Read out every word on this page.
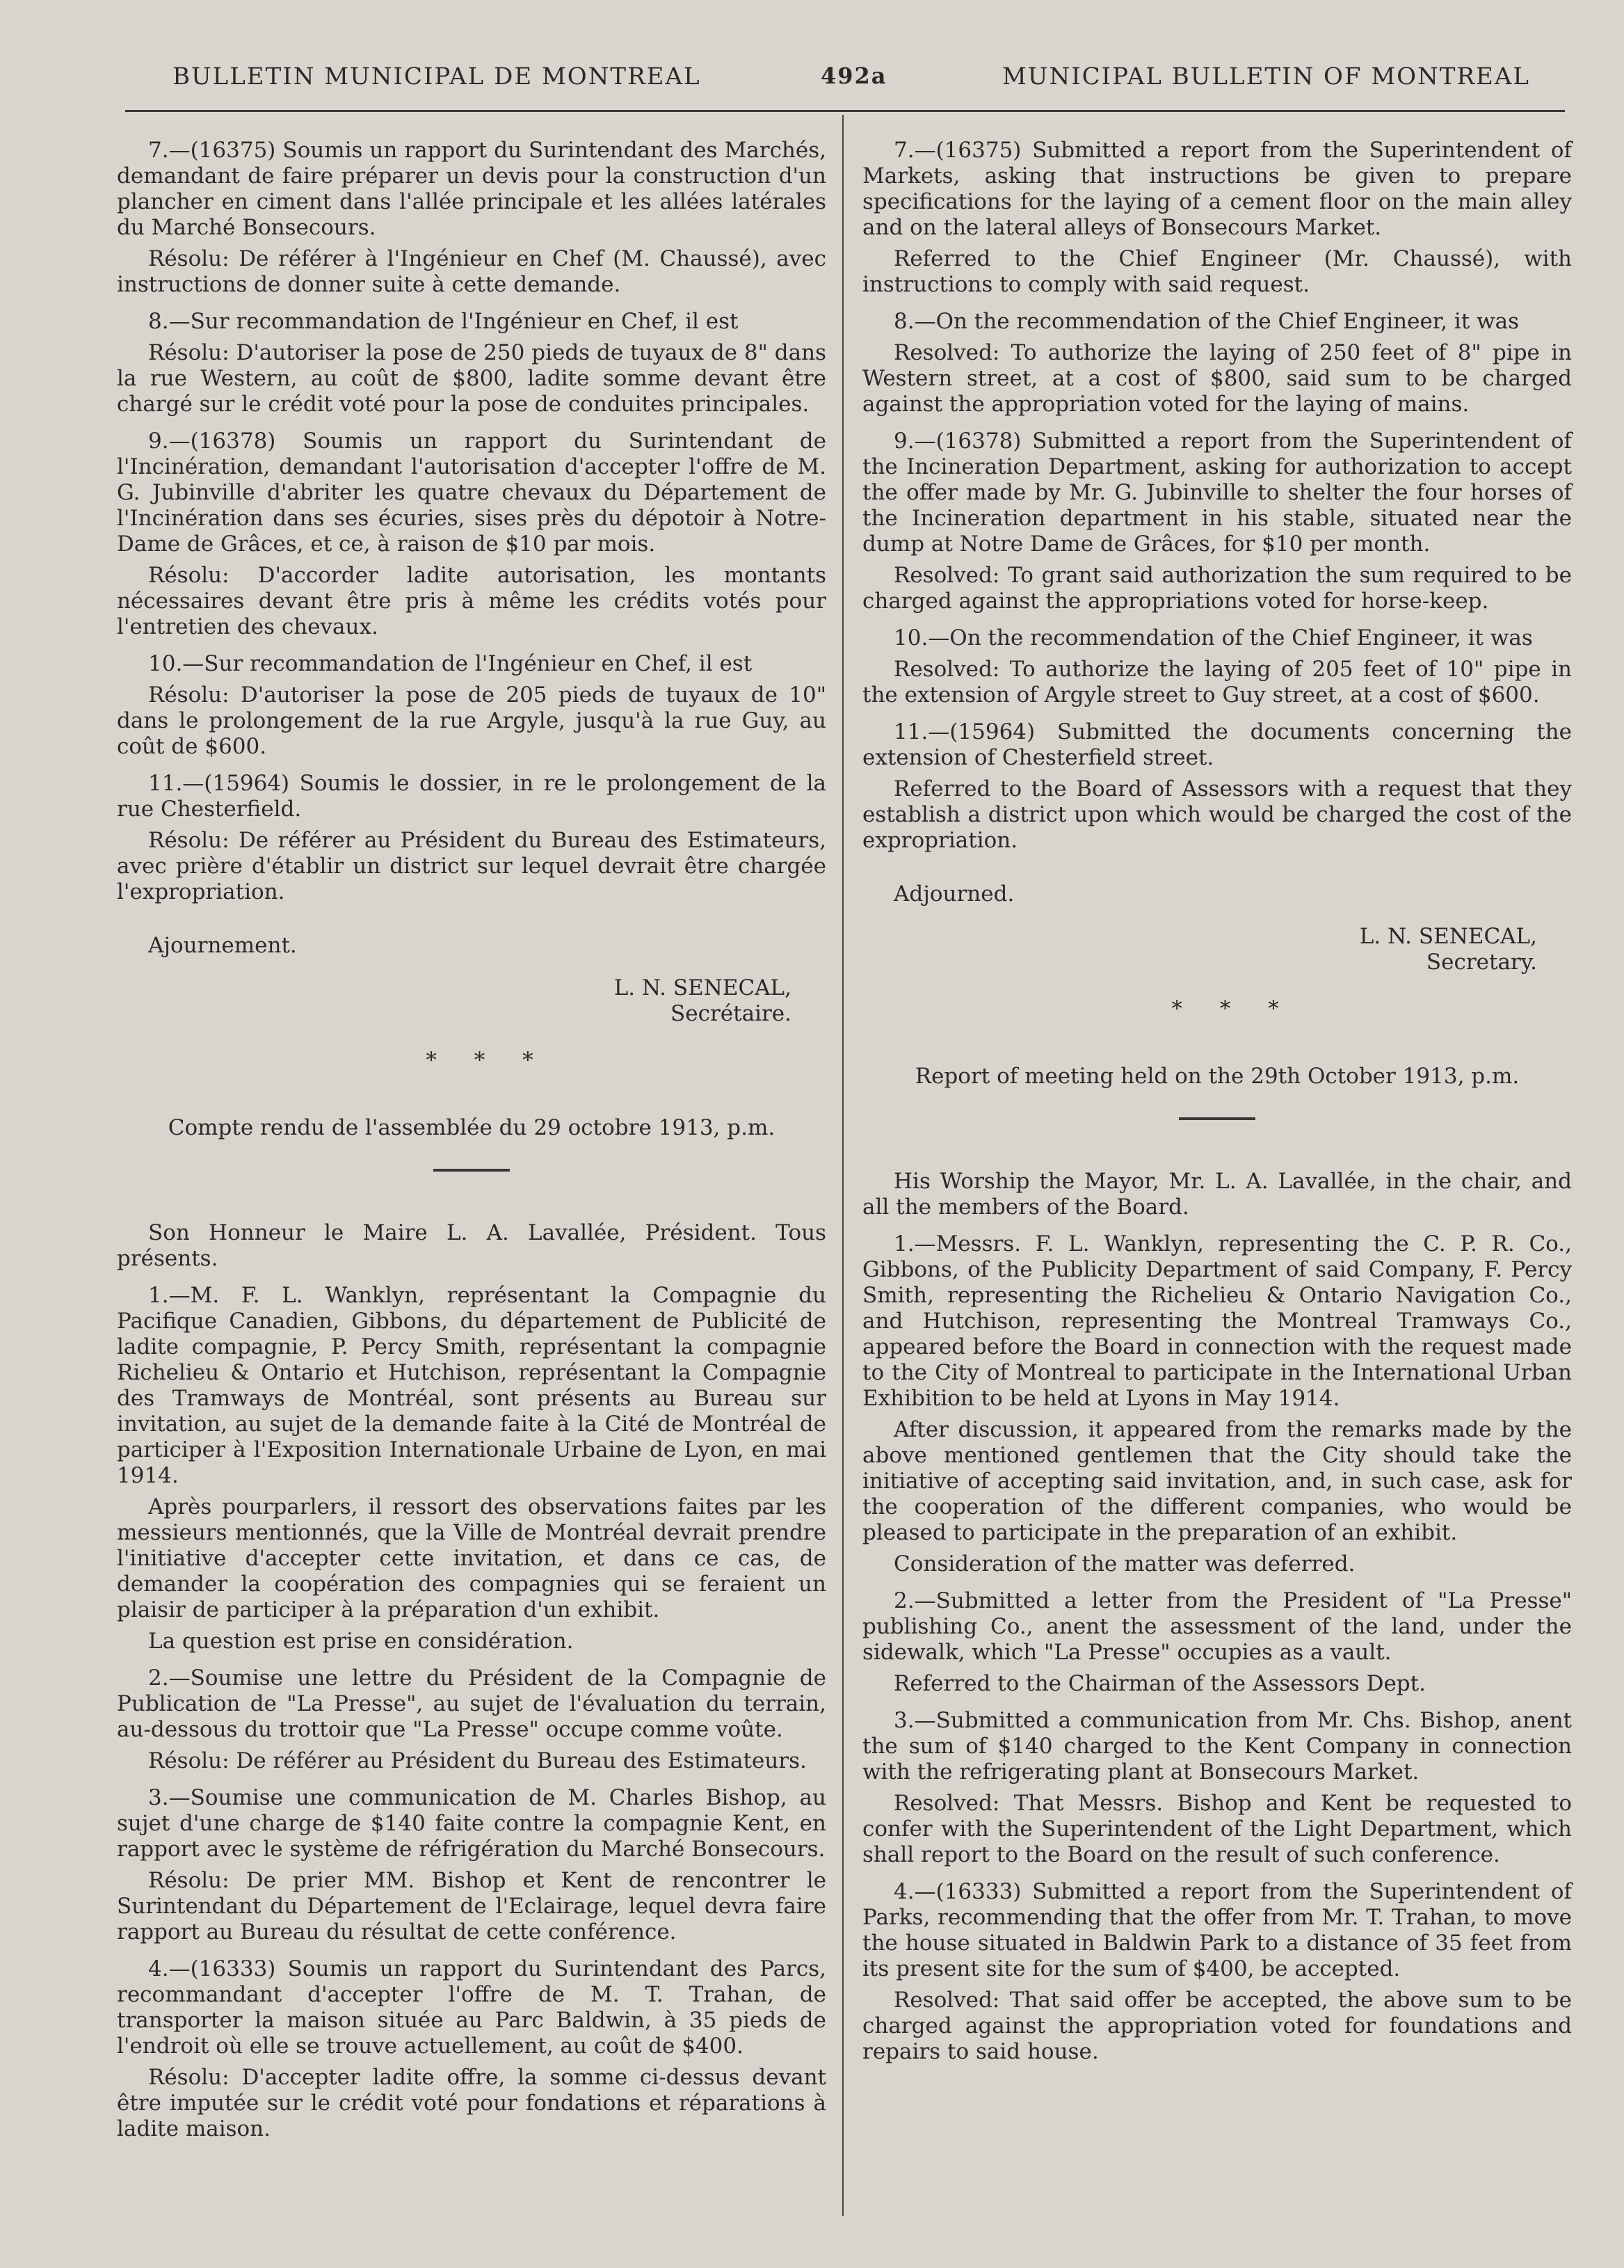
BULLETIN MUNICIPAL DE MONTREAL	492a	MUNICIPAL BULLETIN OF MONTREAL

7.—(16375) Soumis un rapport du Surintendant des Marchés, demandant de faire préparer un devis pour la construction d'un plancher en ciment dans l'allée principale et les allées latérales du Marché Bonsecours.

Résolu: De référer à l'Ingénieur en Chef (M. Chaussé), avec instructions de donner suite à cette demande.

8.—Sur recommandation de l'Ingénieur en Chef, il est

Résolu: D'autoriser la pose de 250 pieds de tuyaux de 8" dans la rue Western, au coût de $800, ladite somme devant être chargé sur le crédit voté pour la pose de conduites principales.

9.—(16378) Soumis un rapport du Surintendant de l'Incinération, demandant l'autorisation d'accepter l'offre de M. G. Jubinville d'abriter les quatre chevaux du Département de l'Incinération dans ses écuries, sises près du dépotoir à Notre-Dame de Grâces, et ce, à raison de $10 par mois.

Résolu: D'accorder ladite autorisation, les montants nécessaires devant être pris à même les crédits votés pour l'entretien des chevaux.

10.—Sur recommandation de l'Ingénieur en Chef, il est

Résolu: D'autoriser la pose de 205 pieds de tuyaux de 10" dans le prolongement de la rue Argyle, jusqu'à la rue Guy, au coût de $600.

11.—(15964) Soumis le dossier, in re le prolongement de la rue Chesterfield.

Résolu: De référer au Président du Bureau des Estimateurs, avec prière d'établir un district sur lequel devrait être chargée l'expropriation.

Ajournement.

L. N. SENECAL,

Secrétaire.

* * *

Compte rendu de l'assemblée du 29 octobre 1913, p.m.

Son Honneur le Maire L. A. Lavallée, Président. Tous présents.

1.—M. F. L. Wanklyn, représentant la Compagnie du Pacifique Canadien, Gibbons, du département de Publicité de ladite compagnie, P. Percy Smith, représentant la compagnie Richelieu & Ontario et Hutchison, représentant la Compagnie des Tramways de Montréal, sont présents au Bureau sur invitation, au sujet de la demande faite à la Cité de Montréal de participer à l'Exposition Internationale Urbaine de Lyon, en mai 1914.

Après pourparlers, il ressort des observations faites par les messieurs mentionnés, que la Ville de Montréal devrait prendre l'initiative d'accepter cette invitation, et dans ce cas, de demander la coopération des compagnies qui se feraient un plaisir de participer à la préparation d'un exhibit.

La question est prise en considération.

2.—Soumise une lettre du Président de la Compagnie de Publication de "La Presse", au sujet de l'évaluation du terrain, au-dessous du trottoir que "La Presse" occupe comme voûte.

Résolu: De référer au Président du Bureau des Estimateurs.

3.—Soumise une communication de M. Charles Bishop, au sujet d'une charge de $140 faite contre la compagnie Kent, en rapport avec le système de réfrigération du Marché Bonsecours.

Résolu: De prier MM. Bishop et Kent de rencontrer le Surintendant du Département de l'Eclairage, lequel devra faire rapport au Bureau du résultat de cette conférence.

4.—(16333) Soumis un rapport du Surintendant des Parcs, recommandant d'accepter l'offre de M. T. Trahan, de transporter la maison située au Parc Baldwin, à 35 pieds de l'endroit où elle se trouve actuellement, au coût de $400.

Résolu: D'accepter ladite offre, la somme ci-dessus devant être imputée sur le crédit voté pour fondations et réparations à ladite maison.

7.—(16375) Submitted a report from the Superintendent of Markets, asking that instructions be given to prepare specifications for the laying of a cement floor on the main alley and on the lateral alleys of Bonsecours Market.

Referred to the Chief Engineer (Mr. Chaussé), with instructions to comply with said request.

8.—On the recommendation of the Chief Engineer, it was

Resolved: To authorize the laying of 250 feet of 8" pipe in Western street, at a cost of $800, said sum to be charged against the appropriation voted for the laying of mains.

9.—(16378) Submitted a report from the Superintendent of the Incineration Department, asking for authorization to accept the offer made by Mr. G. Jubinville to shelter the four horses of the Incineration department in his stable, situated near the dump at Notre Dame de Grâces, for $10 per month.

Resolved: To grant said authorization the sum required to be charged against the appropriations voted for horse-keep.

10.—On the recommendation of the Chief Engineer, it was

Resolved: To authorize the laying of 205 feet of 10" pipe in the extension of Argyle street to Guy street, at a cost of $600.

11.—(15964) Submitted the documents concerning the extension of Chesterfield street.

Referred to the Board of Assessors with a request that they establish a district upon which would be charged the cost of the expropriation.

Adjourned.

L. N. SENECAL,

Secretary.

* * *

Report of meeting held on the 29th October 1913, p.m.

His Worship the Mayor, Mr. L. A. Lavallée, in the chair, and all the members of the Board.

1.—Messrs. F. L. Wanklyn, representing the C. P. R. Co., Gibbons, of the Publicity Department of said Company, F. Percy Smith, representing the Richelieu & Ontario Navigation Co., and Hutchison, representing the Montreal Tramways Co., appeared before the Board in connection with the request made to the City of Montreal to participate in the International Urban Exhibition to be held at Lyons in May 1914.

After discussion, it appeared from the remarks made by the above mentioned gentlemen that the City should take the initiative of accepting said invitation, and, in such case, ask for the cooperation of the different companies, who would be pleased to participate in the preparation of an exhibit.

Consideration of the matter was deferred.

2.—Submitted a letter from the President of "La Presse" publishing Co., anent the assessment of the land, under the sidewalk, which "La Presse" occupies as a vault.

Referred to the Chairman of the Assessors Dept.

3.—Submitted a communication from Mr. Chs. Bishop, anent the sum of $140 charged to the Kent Company in connection with the refrigerating plant at Bonsecours Market.

Resolved: That Messrs. Bishop and Kent be requested to confer with the Superintendent of the Light Department, which shall report to the Board on the result of such conference.

4.—(16333) Submitted a report from the Superintendent of Parks, recommending that the offer from Mr. T. Trahan, to move the house situated in Baldwin Park to a distance of 35 feet from its present site for the sum of $400, be accepted.

Resolved: That said offer be accepted, the above sum to be charged against the appropriation voted for foundations and repairs to said house.
